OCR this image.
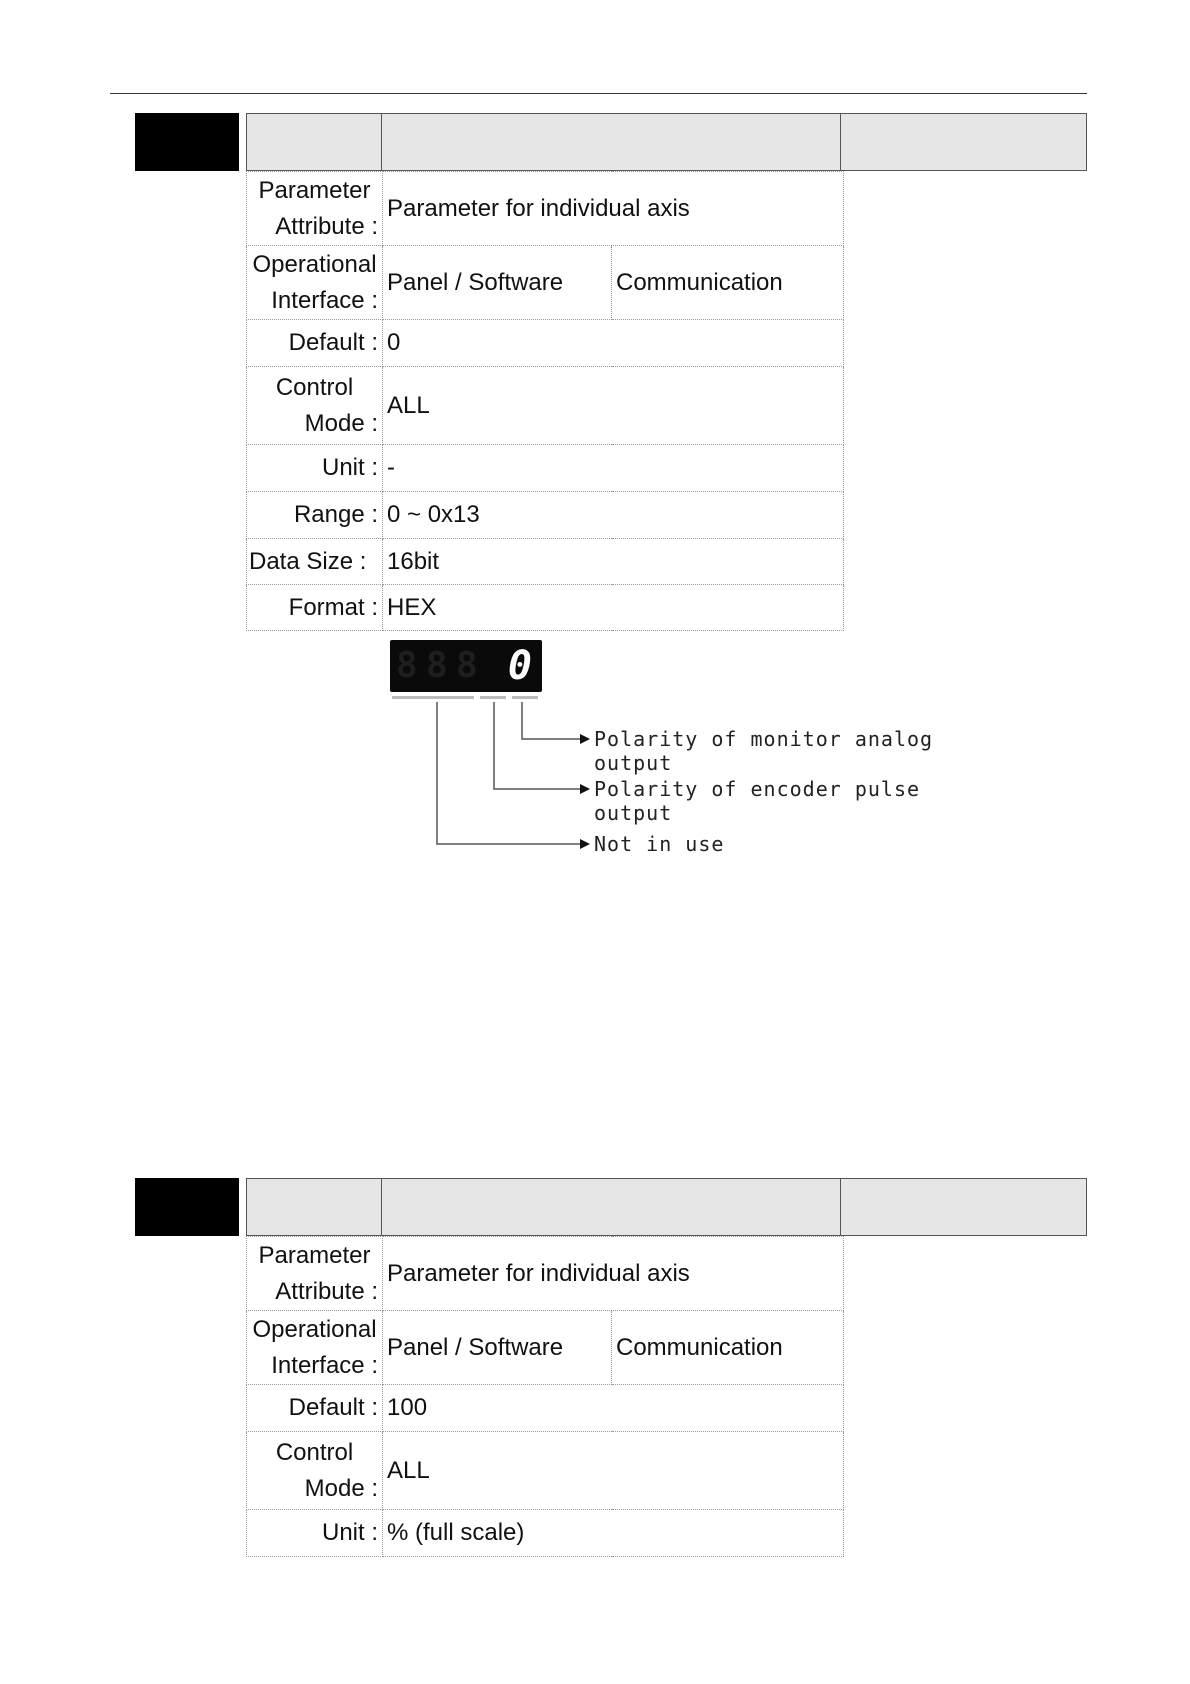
Parameter
Attribute :	Parameter for individual axis	

Operational
Interface :	Panel / Software	Communication
Default :	0	

Control
Mode :	ALL	
Unit :	-	
Range :	0 ~ 0x13	
Data Size :	16bit	
Format :	HEX	
8 8 8 0
Polarity of monitor analog output
Polarity of encoder pulse output
Not in use
Parameter
Attribute :	Parameter for individual axis	

Operational
Interface :	Panel / Software	Communication
Default :	100	

Control
Mode :	ALL	
Unit :	% (full scale)	
